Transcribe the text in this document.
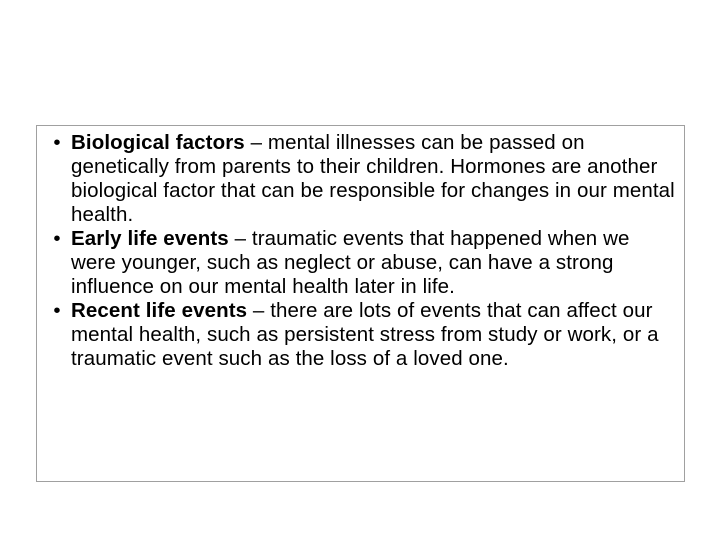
• Biological factors – mental illnesses can be passed on genetically from parents to their children. Hormones are another biological factor that can be responsible for changes in our mental health.
• Early life events – traumatic events that happened when we were younger, such as neglect or abuse, can have a strong influence on our mental health later in life.
• Recent life events – there are lots of events that can affect our mental health, such as persistent stress from study or work, or a traumatic event such as the loss of a loved one.
